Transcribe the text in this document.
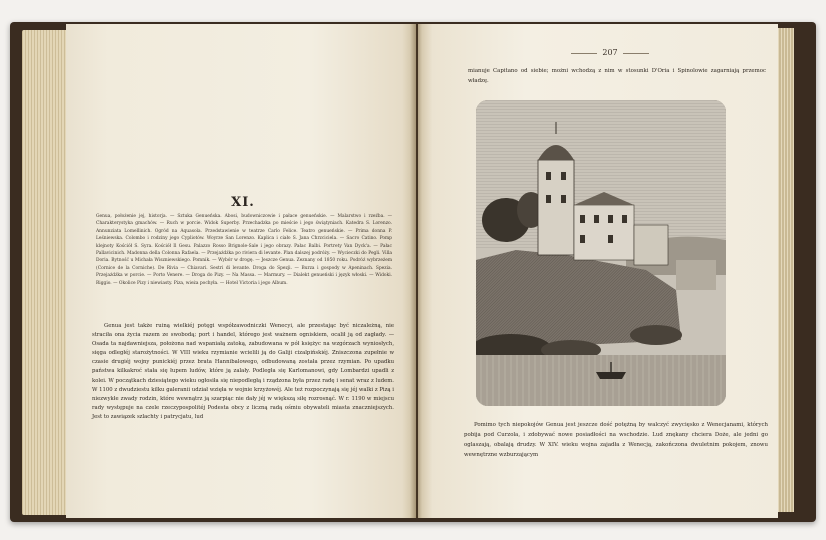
XI.
Genua, położenie jej, historja. — Sztuka Genueńska. Abosi, budowniczowie i pałace genueńskie. — Malarstwo i rzeźba. — Charakterystyka gmachów. — Ruch w porcie. Widok Superby. Przechadzka po mieście i jego świątyniach. Katedra S. Lorenzo. Annunziata Lomellinich. Ogród na Aquasola. Przedstawienie w teatrze Carlo Felice. Teatro genueńskie. — Prima donna P. Leśniewska. Colombo i rodziny jego Cypliotów. Woyrze San Lorenzo. Kaplica i ciało S. Jana Chrzciciela. — Sacro Catino. Pomp klejnoty Kościół S. Syra. Kościół Il Gesu. Palazzo Rosso Brignole-Sale i jego obrazy. Pałac Balbi. Portrety Van Dyck'a. — Pałac Pallavicinich. Madonna della Colonna Rafaela. — Przejażdżka po riviera di levante. Plan dalszej podróży. — Wycieczki do Pegli. Villa Doria. Bytność u Michała Wiszniewskiego. Pomnik. — Wybór w drogę. — Jeszcze Genua. Zeznany od 1850 roku. Podróż wybrzeżem (Cornice de la Corniche). De Rivia — Chiavari. Sestri di levante. Droga do Spezji. — Burza i gospody w Apeninach. Spezia. Przejażdżka w porcie. — Porto Venere. — Droga do Pizy. — Na Massa. — Marmury. — Dialekt genueński i język włoski. — Widoki. Riggio. — Okolice Pizy i niewiasty. Piza, wieża pochyła. — Hotel Victoria i jego Album.
Genua jest także ruiną wielkiéj potęgi współzawodniczki Wenecyi, ale przestając być niczależną, nie straciła ona życia razem ze swobodą; port i handel, którego jest ważnem ogniskiem, ocalił ją od zagłady. — Osada ta najdawniejsza, położona nad wspaniałą zatoką, zabudowana w pół księżyc na wzgórzach wyniosłych, sięga odległéj starożytności. W VIII wieku rzymianie wcielili ją do Galiji cizalpińskiéj. Zniszczona zupełnie w czasie drugiéj wojny punickiéj przez brata Hannibalowego, odbudowaną została przez rzymian. Po upadku państwa kilkakroć stała się łupem ludów, które ją zalały. Podległa się Karlomanowi, gdy Lombardzi upadli z kolei. W początkach dziesiątego wieku ogłosiła się niepodległą i rządzona była przez radę i senat wraz z ludem. W 1100 z dwudziestu kilku galeranii udział wzięła w wojnie krzyżowéj. Ale też rozpoczynają się jéj walki z Pizą i niezwykłe zwady rodzin, które wewnątrz ją szarpiąc nie dały jéj w większą siłę rozrosnąć. W r. 1190 w miejscu rady występuje na czele rzeczypospolitéj Podesta obcy z liczną radą ośmiu obywateli miasta znaczniejszych. Jest to zawiązek szlachty i patrycjatu, lud
207
mianuje Capitano od siebie; możni wchodzą z nim w stosunki D'Oria i Spinolowie zagarniają przemoc władzę.
Pomimo tych niepokojów Genua jest jeszcze dość potężną by walczyć zwycięsko z Wenecjanami, których pobija pod Curzola, i zdobywać nowe posiadłości na wschodzie. Lud znękany chciera Doże, ale jedni go oglaszają, obalają drudzy. W XIV. wieku wojna zajadła z Wenecją, zakończona dwuletnim pokojem, znowu wewnętrzne wzburzającym
